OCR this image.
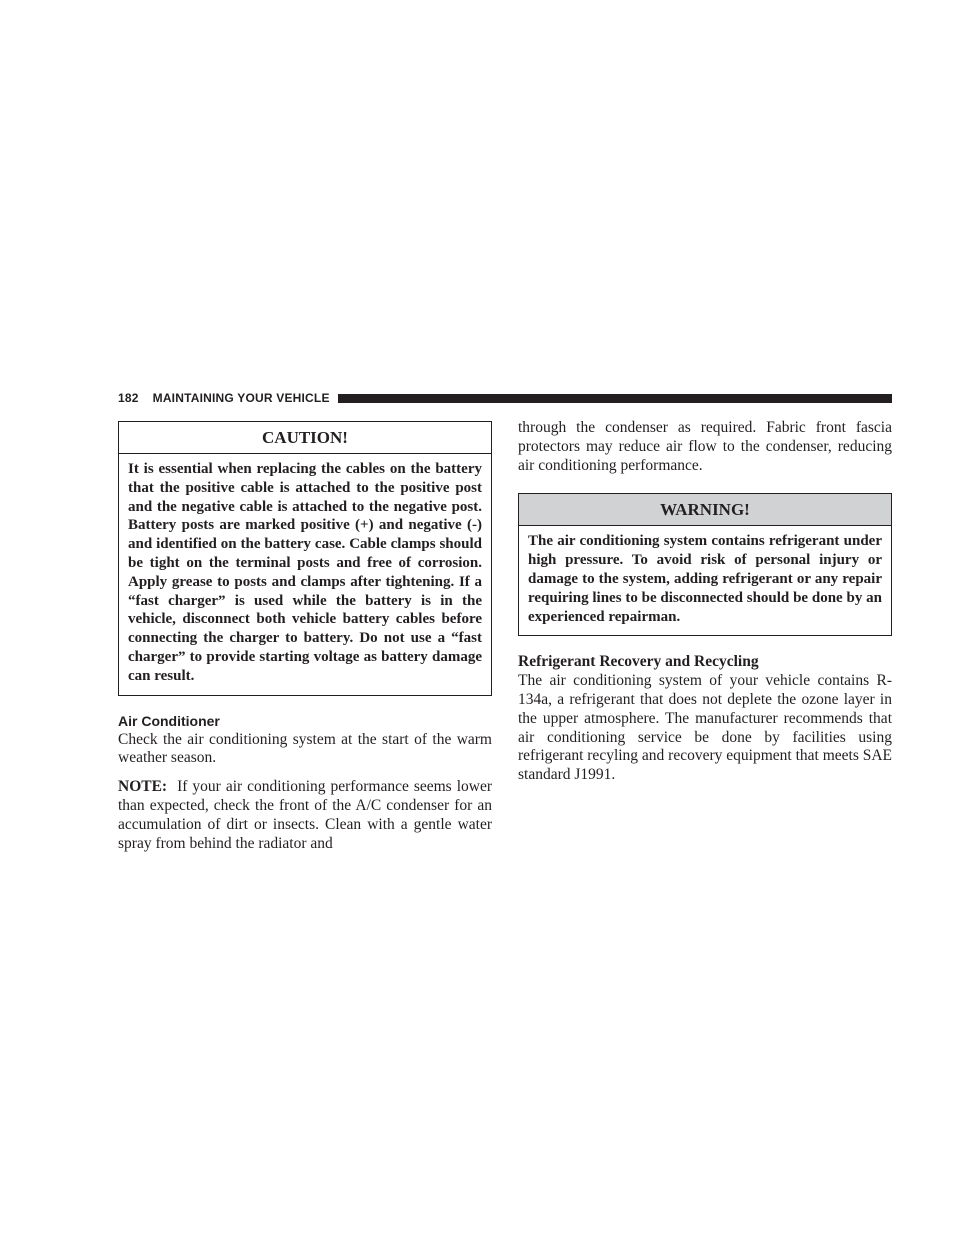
182 MAINTAINING YOUR VEHICLE
CAUTION!
It is essential when replacing the cables on the battery that the positive cable is attached to the positive post and the negative cable is attached to the negative post. Battery posts are marked positive (+) and negative (-) and identified on the battery case. Cable clamps should be tight on the terminal posts and free of corrosion. Apply grease to posts and clamps after tightening. If a “fast charger” is used while the battery is in the vehicle, disconnect both vehicle battery cables before connecting the charger to battery. Do not use a “fast charger” to provide starting voltage as battery damage can result.
Air Conditioner

Check the air conditioning system at the start of the warm weather season.

NOTE: If your air conditioning performance seems lower than expected, check the front of the A/C condenser for an accumulation of dirt or insects. Clean with a gentle water spray from behind the radiator and

through the condenser as required. Fabric front fascia protectors may reduce air flow to the condenser, reducing air conditioning performance.

WARNING!
The air conditioning system contains refrigerant under high pressure. To avoid risk of personal injury or damage to the system, adding refrigerant or any repair requiring lines to be disconnected should be done by an experienced repairman.
Refrigerant Recovery and Recycling

The air conditioning system of your vehicle contains R-134a, a refrigerant that does not deplete the ozone layer in the upper atmosphere. The manufacturer recommends that air conditioning service be done by facilities using refrigerant recyling and recovery equipment that meets SAE standard J1991.
